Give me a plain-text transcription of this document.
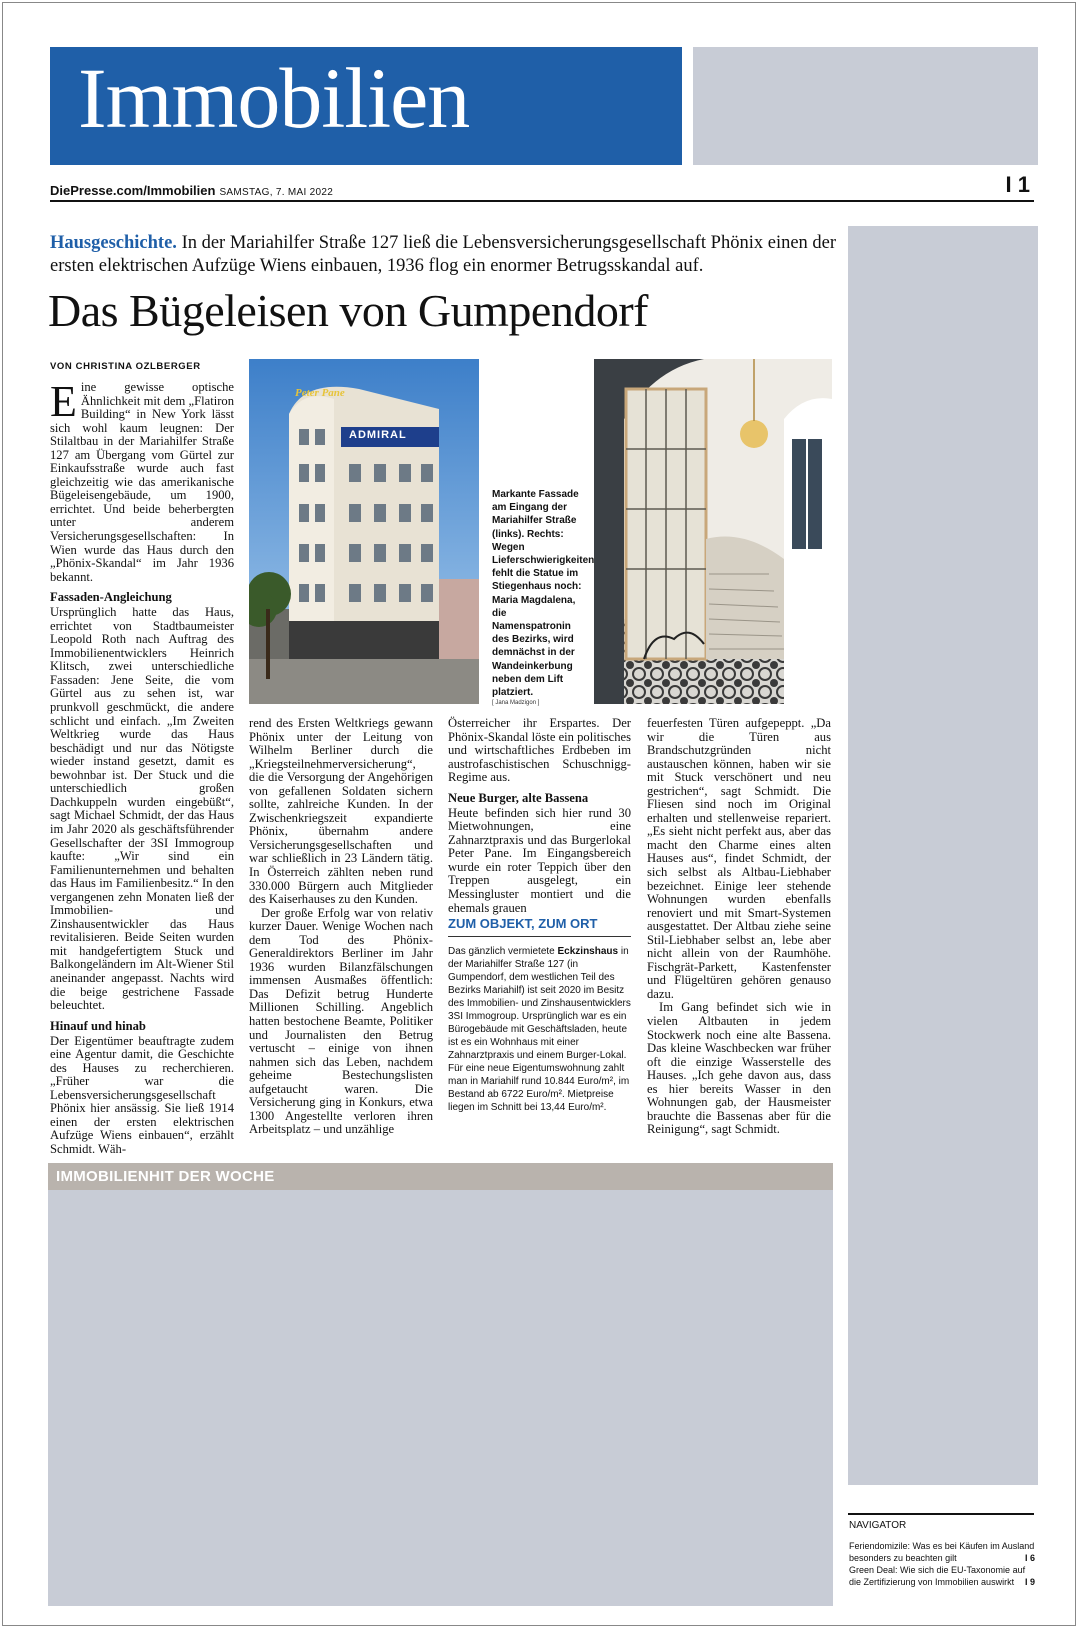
Immobilien
DiePresse.com/Immobilien SAMSTAG, 7. MAI 2022	I 1
Hausgeschichte. In der Mariahilfer Straße 127 ließ die Lebensversicherungsgesellschaft Phönix einen der ersten elektrischen Aufzüge Wiens einbauen, 1936 flog ein enormer Betrugsskandal auf.
Das Bügeleisen von Gumpendorf
VON CHRISTINA OZLBERGER

Eine gewisse optische Ähnlichkeit mit dem „Flatiron Building“ in New York lässt sich wohl kaum leugnen: Der Stilaltbau in der Mariahilfer Straße 127 am Übergang vom Gürtel zur Einkaufsstraße wurde auch fast gleichzeitig wie das amerikanische Bügeleisengebäude, um 1900, errichtet. Und beide beherbergten unter anderem Versicherungsgesellschaften: In Wien wurde das Haus durch den „Phönix-Skandal“ im Jahr 1936 bekannt.

Fassaden-Angleichung

Ursprünglich hatte das Haus, errichtet von Stadtbaumeister Leopold Roth nach Auftrag des Immobilienentwicklers Heinrich Klitsch, zwei unterschiedliche Fassaden: Jene Seite, die vom Gürtel aus zu sehen ist, war prunkvoll geschmückt, die andere schlicht und einfach. „Im Zweiten Weltkrieg wurde das Haus beschädigt und nur das Nötigste wieder instand gesetzt, damit es bewohnbar ist. Der Stuck und die unterschiedlich großen Dachkuppeln wurden eingebüßt“, sagt Michael Schmidt, der das Haus im Jahr 2020 als geschäftsführender Gesellschafter der 3SI Immogroup kaufte: „Wir sind ein Familienunternehmen und behalten das Haus im Familienbesitz.“ In den vergangenen zehn Monaten ließ der Immobilien- und Zinshausentwickler das Haus revitalisieren. Beide Seiten wurden mit handgefertigtem Stuck und Balkongeländern im Alt-Wiener Stil aneinander angepasst. Nachts wird die beige gestrichene Fassade beleuchtet.

Hinauf und hinab

Der Eigentümer beauftragte zudem eine Agentur damit, die Geschichte des Hauses zu recherchieren. „Früher war die Lebensversicherungsgesellschaft Phönix hier ansässig. Sie ließ 1914 einen der ersten elektrischen Aufzüge Wiens einbauen“, erzählt Schmidt. Wäh-

Peter Pane
ADMIRAL
Markante Fassade am Eingang der Mariahilfer Straße (links). Rechts: Wegen Lieferschwierigkeiten fehlt die Statue im Stiegenhaus noch: Maria Magdalena, die Namenspatronin des Bezirks, wird demnächst in der Wandeinkerbung neben dem Lift platziert.
[ Jana Madzigon ]

rend des Ersten Weltkriegs gewann Phönix unter der Leitung von Wilhelm Berliner durch die „Kriegsteilnehmerversicherung“, die die Versorgung der Angehörigen von gefallenen Soldaten sichern sollte, zahlreiche Kunden. In der Zwischenkriegszeit expandierte Phönix, übernahm andere Versicherungsgesellschaften und war schließlich in 23 Ländern tätig. In Österreich zählten neben rund 330.000 Bürgern auch Mitglieder des Kaiserhauses zu den Kunden.

Der große Erfolg war von relativ kurzer Dauer. Wenige Wochen nach dem Tod des Phönix-Generaldirektors Berliner im Jahr 1936 wurden Bilanzfälschungen immensen Ausmaßes öffentlich: Das Defizit betrug Hunderte Millionen Schilling. Angeblich hatten bestochene Beamte, Politiker und Journalisten den Betrug vertuscht – einige von ihnen nahmen sich das Leben, nachdem geheime Bestechungslisten aufgetaucht waren. Die Versicherung ging in Konkurs, etwa 1300 Angestellte verloren ihren Arbeitsplatz – und unzählige

Österreicher ihr Erspartes. Der Phönix-Skandal löste ein politisches und wirtschaftliches Erdbeben im austrofaschistischen Schuschnigg-Regime aus.

Neue Burger, alte Bassena

Heute befinden sich hier rund 30 Mietwohnungen, eine Zahnarztpraxis und das Burgerlokal Peter Pane. Im Eingangsbereich wurde ein roter Teppich über den Treppen ausgelegt, ein Messingluster montiert und die ehemals grauen

ZUM OBJEKT, ZUM ORT

Das gänzlich vermietete Eckzinshaus in der Mariahilfer Straße 127 (in Gumpendorf, dem westlichen Teil des Bezirks Mariahilf) ist seit 2020 im Besitz des Immobilien- und Zinshausentwicklers 3SI Immogroup. Ursprünglich war es ein Bürogebäude mit Geschäftsladen, heute ist es ein Wohnhaus mit einer Zahnarztpraxis und einem Burger-Lokal.

Für eine neue Eigentumswohnung zahlt man in Mariahilf rund 10.844 Euro/m², im Bestand ab 6722 Euro/m². Mietpreise liegen im Schnitt bei 13,44 Euro/m².

feuerfesten Türen aufgepeppt. „Da wir die Türen aus Brandschutzgründen nicht austauschen können, haben wir sie mit Stuck verschönert und neu gestrichen“, sagt Schmidt. Die Fliesen sind noch im Original erhalten und stellenweise repariert. „Es sieht nicht perfekt aus, aber das macht den Charme eines alten Hauses aus“, findet Schmidt, der sich selbst als Altbau-Liebhaber bezeichnet. Einige leer stehende Wohnungen wurden ebenfalls renoviert und mit Smart-Systemen ausgestattet. Der Altbau ziehe seine Stil-Liebhaber selbst an, lebe aber nicht allein von der Raumhöhe. Fischgrät-Parkett, Kastenfenster und Flügeltüren gehören genauso dazu.

Im Gang befindet sich wie in vielen Altbauten in jedem Stockwerk noch eine alte Bassena. Das kleine Waschbecken war früher oft die einzige Wasserstelle des Hauses. „Ich gehe davon aus, dass es hier bereits Wasser in den Wohnungen gab, der Hausmeister brauchte die Bassenas aber für die Reinigung“, sagt Schmidt.

IMMOBILIENHIT DER WOCHE
NAVIGATOR
Feriendomizile: Was es bei Käufen im Ausland besonders zu beachten gilt	I 6
Green Deal: Wie sich die EU-Taxonomie auf die Zertifizierung von Immobilien auswirkt I 9
